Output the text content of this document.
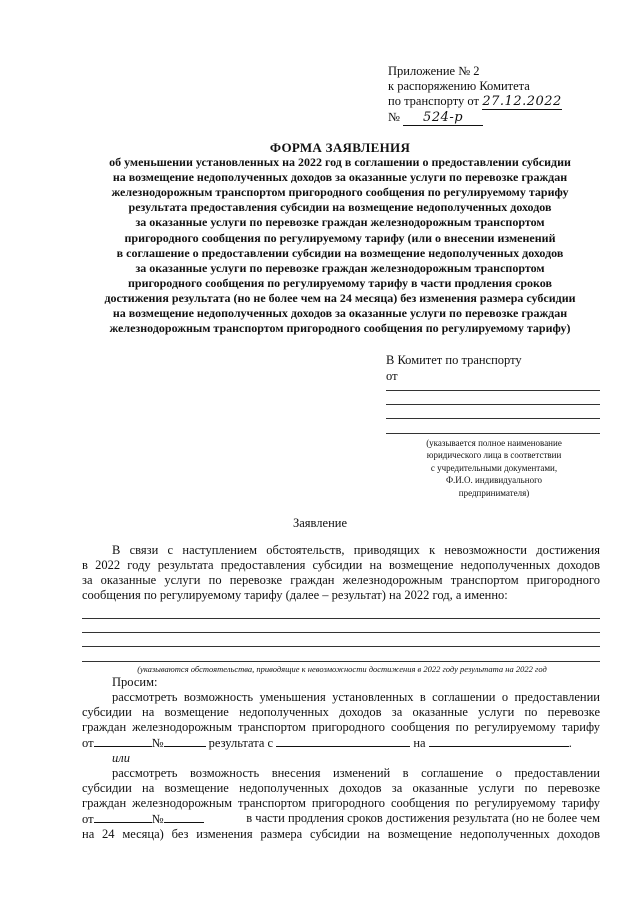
Приложение № 2
к распоряжению Комитета
по транспорту от 27.12.2022
№ 524-р
ФОРМА ЗАЯВЛЕНИЯ
об уменьшении установленных на 2022 год в соглашении о предоставлении субсидии
на возмещение недополученных доходов за оказанные услуги по перевозке граждан
железнодорожным транспортом пригородного сообщения по регулируемому тарифу
результата предоставления субсидии на возмещение недополученных доходов
за оказанные услуги по перевозке граждан железнодорожным транспортом
пригородного сообщения по регулируемому тарифу (или о внесении изменений
в соглашение о предоставлении субсидии на возмещение недополученных доходов
за оказанные услуги по перевозке граждан железнодорожным транспортом
пригородного сообщения по регулируемому тарифу в части продления сроков
достижения результата (но не более чем на 24 месяца) без изменения размера субсидии
на возмещение недополученных доходов за оказанные услуги по перевозке граждан
железнодорожным транспортом пригородного сообщения по регулируемому тарифу)
В Комитет по транспорту
от
(указывается полное наименование
юридического лица в соответствии
с учредительными документами,
Ф.И.О. индивидуального
предпринимателя)
Заявление
В связи с наступлением обстоятельств, приводящих к невозможности достижения
в 2022 году результата предоставления субсидии на возмещение недополученных доходов
за оказанные услуги по перевозке граждан железнодорожным транспортом пригородного
сообщения по регулируемому тарифу (далее – результат) на 2022 год, а именно:
(указываются обстоятельства, приводящие к невозможности достижения в 2022 году результата на 2022 год
Просим:
рассмотреть возможность уменьшения установленных в соглашении о предоставлении
субсидии на возмещение недополученных доходов за оказанные услуги по перевозке
граждан железнодорожным транспортом пригородного сообщения по регулируемому тарифу
от	№	результата с	на	.
или
рассмотреть возможность внесения изменений в соглашение о предоставлении
субсидии на возмещение недополученных доходов за оказанные услуги по перевозке
граждан железнодорожным транспортом пригородного сообщения по регулируемому тарифу
от	№	в части продления сроков достижения результата (но не более чем
на 24 месяца) без изменения размера субсидии на возмещение недополученных доходов
